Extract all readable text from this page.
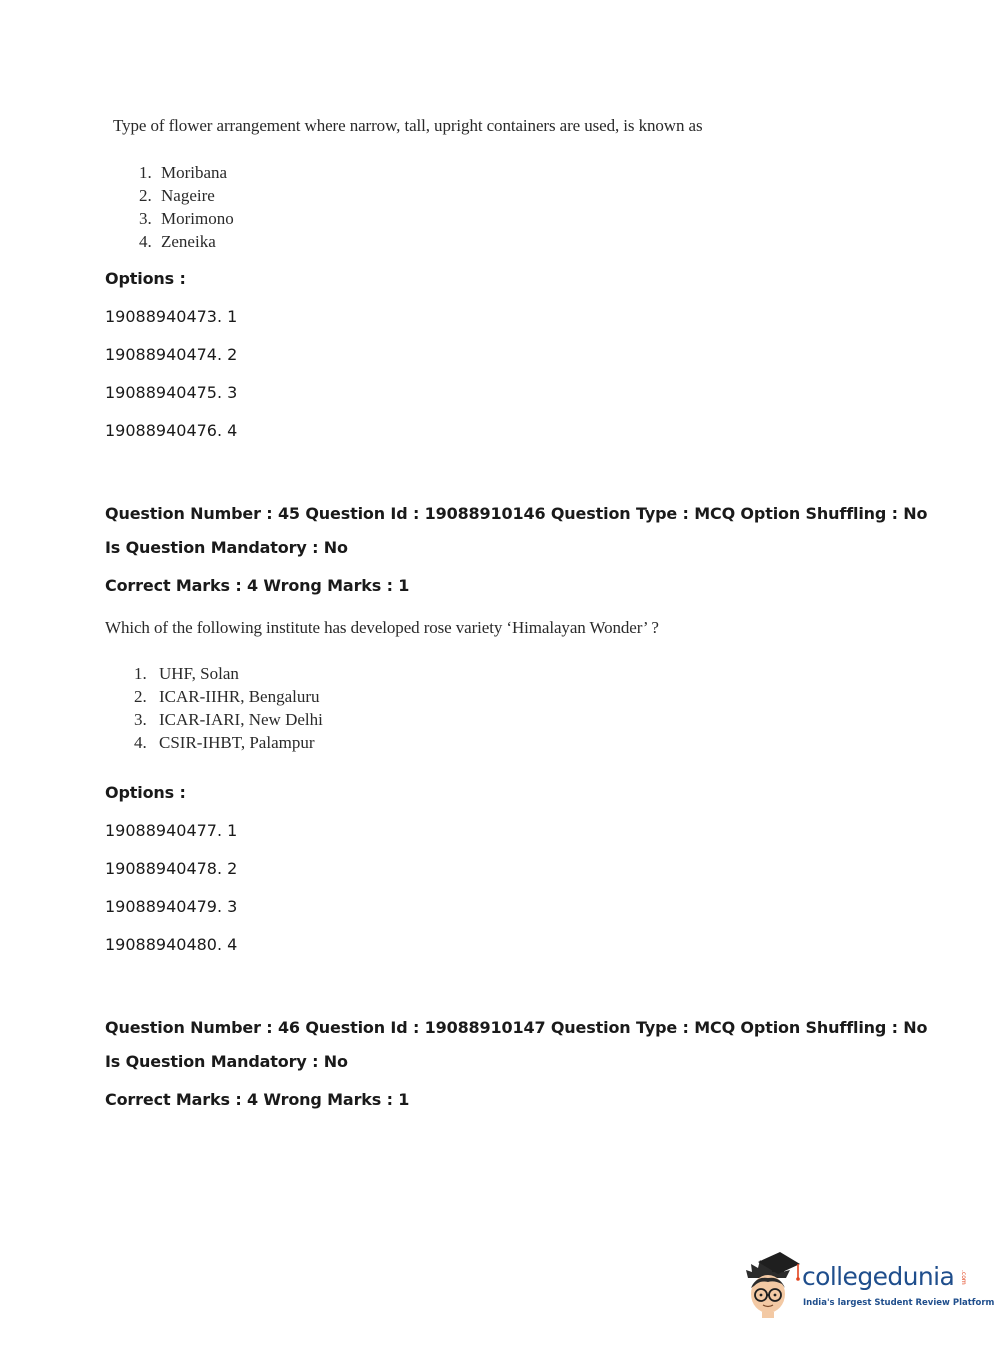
Type of flower arrangement where narrow, tall, upright containers are used, is known as
1. Moribana
2. Nageire
3. Morimono
4. Zeneika
Options :
19088940473. 1
19088940474. 2
19088940475. 3
19088940476. 4
Question Number : 45 Question Id : 19088910146 Question Type : MCQ Option Shuffling : No
Is Question Mandatory : No
Correct Marks : 4 Wrong Marks : 1
Which of the following institute has developed rose variety ‘Himalayan Wonder’ ?
1. UHF, Solan
2. ICAR-IIHR, Bengaluru
3. ICAR-IARI, New Delhi
4. CSIR-IHBT, Palampur
Options :
19088940477. 1
19088940478. 2
19088940479. 3
19088940480. 4
Question Number : 46 Question Id : 19088910147 Question Type : MCQ Option Shuffling : No
Is Question Mandatory : No
Correct Marks : 4 Wrong Marks : 1
collegedunia .com
India's largest Student Review Platform
